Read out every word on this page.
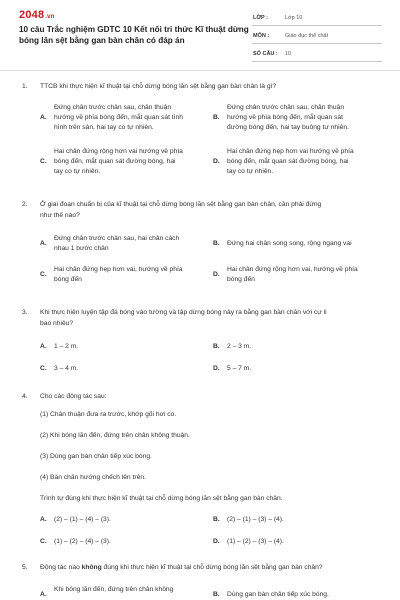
2048.vn
10 câu Trắc nghiệm GDTC 10 Kết nối tri thức Kĩ thuật dừng bóng lăn sệt bằng gan bàn chân có đáp án
LỚP :	Lớp 10
MÔN :	Giáo dục thể chất
SỐ CÂU : 10
1. TTCB khi thực hiện kĩ thuật tại chỗ dừng bóng lăn sệt bằng gan bàn chân là gì?
A.
Đứng chân trước chân sau, chân thuận
hướng về phía bóng đến, mắt quan sát tình
hình trên sân, hai tay co tự nhiên.
B.
Đứng chân trước chân sau, chân thuận
hướng về phía bóng đến, mắt quan sát
đường bóng đến, hai tay buông tự nhiên.
C.
Hai chân đứng rộng hơn vai hướng về phía
bóng đến, mắt quan sát đường bóng, hai
tay co tự nhiên.
D.
Hai chân đứng hẹp hơn vai hướng về phía
bóng đến, mắt quan sát đường bóng, hai
tay co tự nhiên.
2. Ở giai đoạn chuẩn bị của kĩ thuật tại chỗ dừng bóng lăn sệt bằng gan bàn chân, cần phải đứng
như thế nào?
A.
Đứng chân trước chân sau, hai chân cách
nhau 1 bước chân
B. Đứng hai chân song song, rộng ngang vai
C.
Hai chân đứng hẹp hơn vai, hướng về phía
bóng đến
D.
Hai chân đứng rộng hơn vai, hướng về phía
bóng đến
3. Khi thực hiện luyện tập đá bóng vào tường và tập dừng bóng nảy ra bằng gan bàn chân với cự li
bao nhiêu?
A. 1 – 2 m.	B. 2 – 3 m.
C. 3 – 4 m.	D. 5 – 7 m.
4. Cho các động tác sau:
(1) Chân thuận đưa ra trước, khớp gối hơi co.
(2) Khi bóng lăn đến, đứng trên chân không thuận.
(3) Dùng gan bàn chân tiếp xúc bóng.
(4) Bàn chân hướng chếch lên trên.
Trình tự đúng khi thực hiện kĩ thuật tại chỗ dừng bóng lăn sệt bằng gan bàn chân.
A. (2) – (1) – (4) – (3).	B. (2) – (1) – (3) – (4).
C. (1) – (2) – (4) – (3).	D. (1) – (2) – (3) – (4).
5. Động tác nào không đúng khi thực hiện kĩ thuật tại chỗ dừng bóng lăn sệt bằng gan bàn chân?
A.
Khi bóng lăn đến, đứng trên chân không
B. Dùng gan bàn chân tiếp xúc bóng.
